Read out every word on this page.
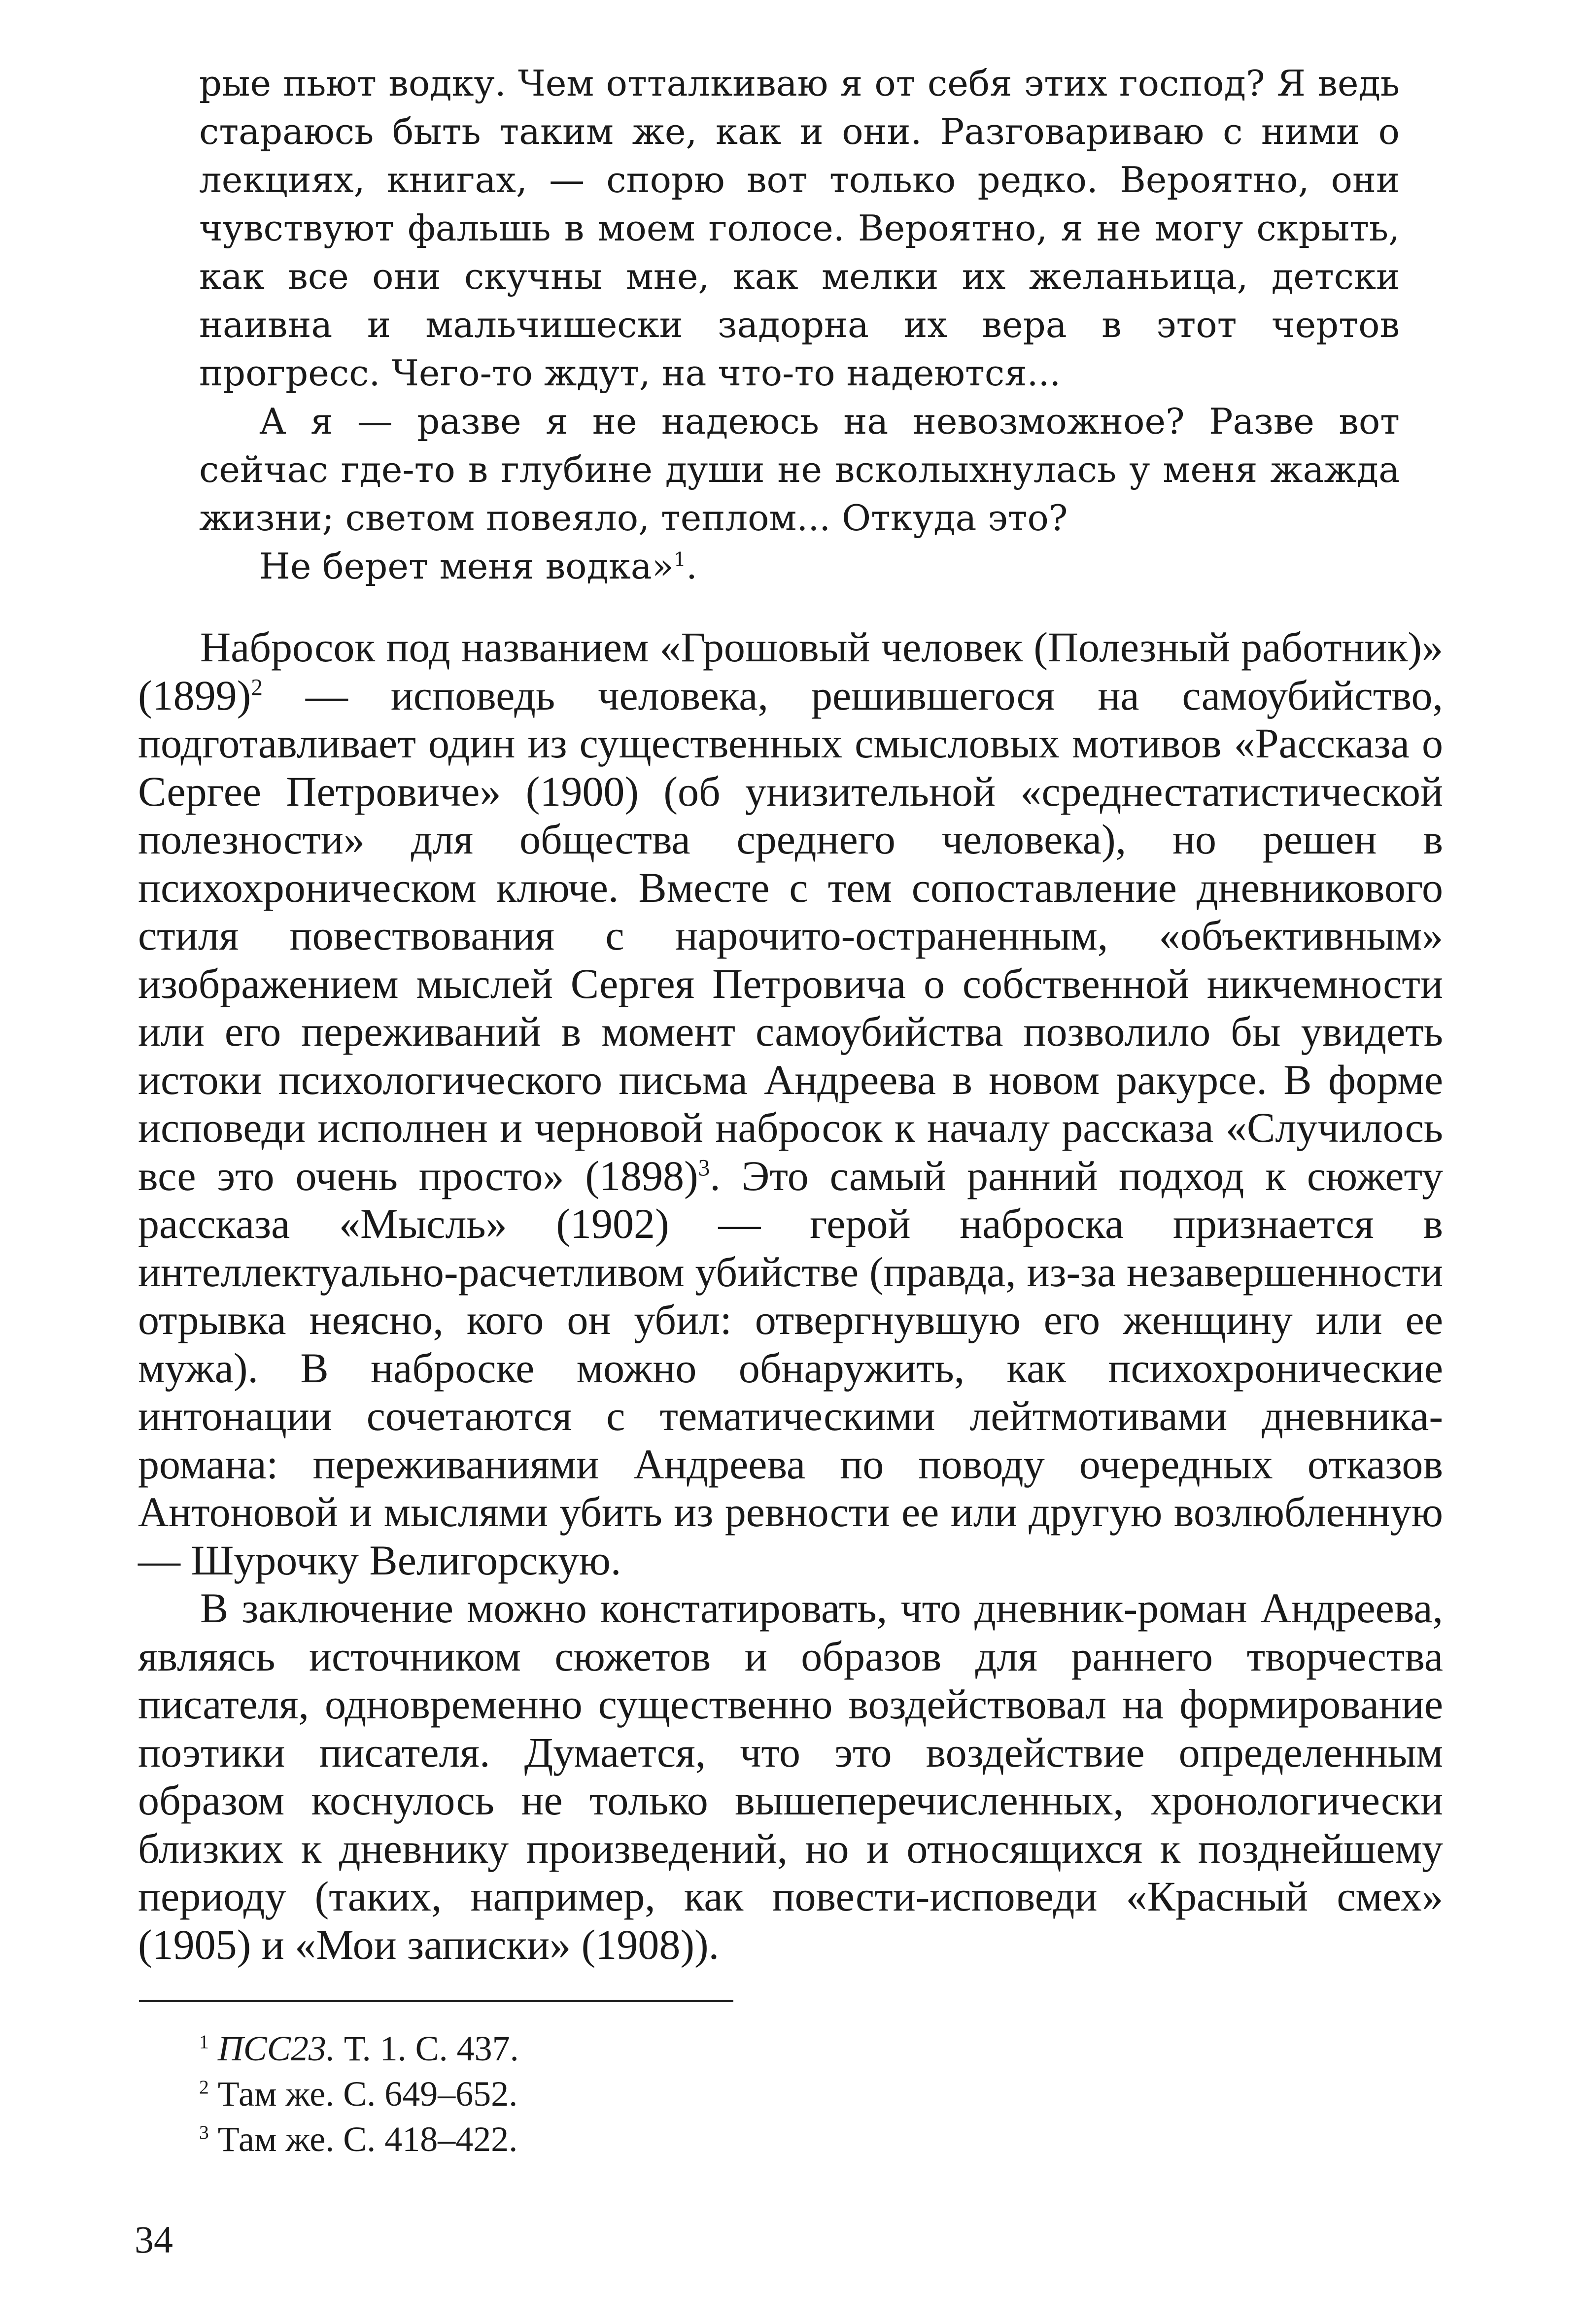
рые пьют водку. Чем отталкиваю я от себя этих господ? Я ведь стараюсь быть таким же, как и они. Разговариваю с ними о лекциях, книгах, — спорю вот только редко. Вероятно, они чувствуют фальшь в моем голосе. Вероятно, я не могу скрыть, как все они скучны мне, как мелки их желаньица, детски наивна и мальчишески задорна их вера в этот чертов прогресс. Чего-то ждут, на что-то надеются...

А я — разве я не надеюсь на невозможное? Разве вот сейчас где-то в глубине души не всколыхнулась у меня жажда жизни; светом повеяло, теплом... Откуда это?

Не берет меня водка»$^1$.

Набросок под названием «Грошовый человек (Полезный работник)» $(1899)^2$ — исповедь человека, решившегося на самоубийство, подготавливает один из существенных смысловых мотивов «Рассказа о Сергее Петровиче» (1900) (об унизительной «среднестатистической полезности» для общества среднего человека), но решен в психохроническом ключе. Вместе с тем сопоставление дневникового стиля повествования с нарочито-остраненным, «объективным» изображением мыслей Сергея Петровича о собственной никчемности или его переживаний в момент самоубийства позволило бы увидеть истоки психологического письма Андреева в новом ракурсе. В форме исповеди исполнен и черновой набросок к началу рассказа «Случилось все это очень просто» $(1898)^3$. Это самый ранний подход к сюжету рассказа «Мысль» (1902) — герой наброска признается в интеллектуально-расчетливом убийстве (правда, из-за незавершенности отрывка неясно, кого он убил: отвергнувшую его женщину или ее мужа). В наброске можно обнаружить, как психохронические интонации сочетаются с тематическими лейтмотивами дневника-романа: переживаниями Андреева по поводу очередных отказов Антоновой и мыслями убить из ревности ее или другую возлюбленную — Шурочку Велигорскую.

В заключение можно констатировать, что дневник-роман Андреева, являясь источником сюжетов и образов для раннего творчества писателя, одновременно существенно воздействовал на формирование поэтики писателя. Думается, что это воздействие определенным образом коснулось не только вышеперечисленных, хронологически близких к дневнику произведений, но и относящихся к позднейшему периоду (таких, например, как повести-исповеди «Красный смех» (1905) и «Мои записки» (1908)).

$^1$ ПСС23. Т. 1. С. 437.
$^2$ Там же. С. 649–652.
$^3$ Там же. С. 418–422.
34
